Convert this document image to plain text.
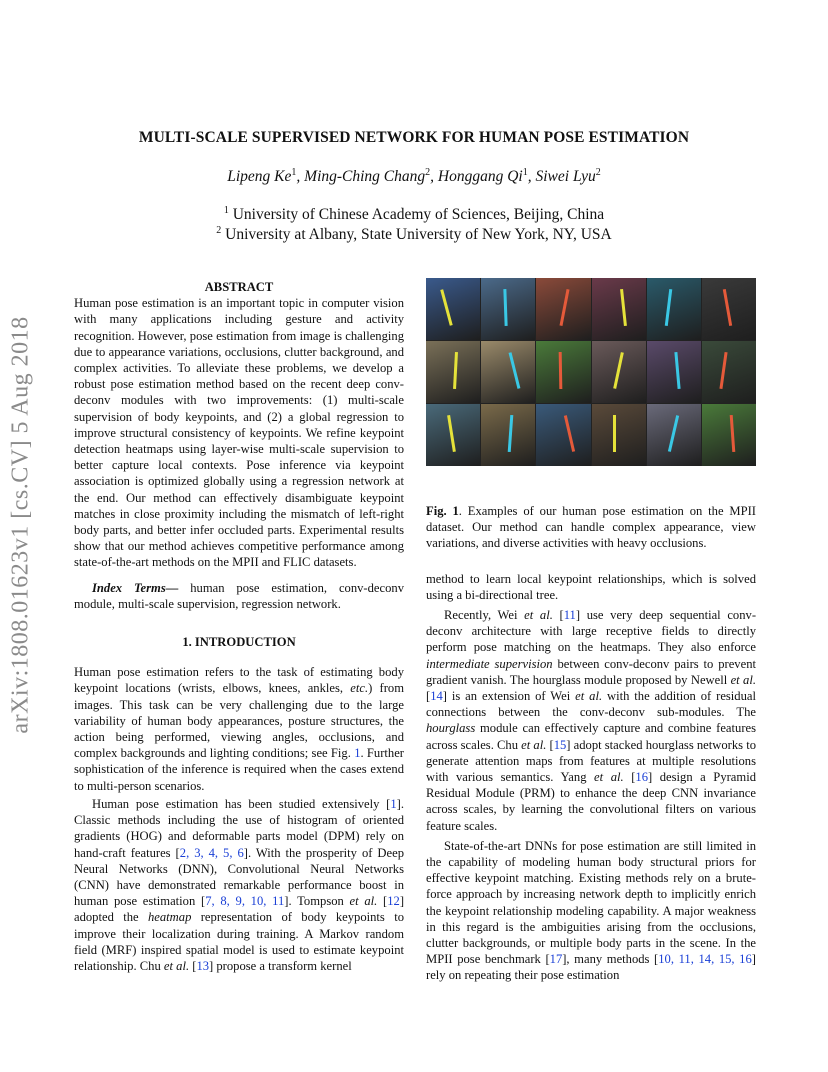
MULTI-SCALE SUPERVISED NETWORK FOR HUMAN POSE ESTIMATION
Lipeng Ke$^1$, Ming-Ching Chang$^2$, Honggang Qi$^1$, Siwei Lyu$^2$
$^1$ University of Chinese Academy of Sciences, Beijing, China
$^2$ University at Albany, State University of New York, NY, USA
arXiv:1808.01623v1 [cs.CV] 5 Aug 2018
ABSTRACT

Human pose estimation is an important topic in computer vision with many applications including gesture and activity recognition. However, pose estimation from image is challenging due to appearance variations, occlusions, clutter background, and complex activities. To alleviate these problems, we develop a robust pose estimation method based on the recent deep conv-deconv modules with two improvements: (1) multi-scale supervision of body keypoints, and (2) a global regression to improve structural consistency of keypoints. We refine keypoint detection heatmaps using layer-wise multi-scale supervision to better capture local contexts. Pose inference via keypoint association is optimized globally using a regression network at the end. Our method can effectively disambiguate keypoint matches in close proximity including the mismatch of left-right body parts, and better infer occluded parts. Experimental results show that our method achieves competitive performance among state-of-the-art methods on the MPII and FLIC datasets.

Index Terms— human pose estimation, conv-deconv module, multi-scale supervision, regression network.

1. INTRODUCTION

Human pose estimation refers to the task of estimating body keypoint locations (wrists, elbows, knees, ankles, etc.) from images. This task can be very challenging due to the large variability of human body appearances, posture structures, the action being performed, viewing angles, occlusions, and complex backgrounds and lighting conditions; see Fig. 1. Further sophistication of the inference is required when the cases extend to multi-person scenarios.

Human pose estimation has been studied extensively [1]. Classic methods including the use of histogram of oriented gradients (HOG) and deformable parts model (DPM) rely on hand-craft features [2, 3, 4, 5, 6]. With the prosperity of Deep Neural Networks (DNN), Convolutional Neural Networks (CNN) have demonstrated remarkable performance boost in human pose estimation [7, 8, 9, 10, 11]. Tompson et al. [12] adopted the heatmap representation of body keypoints to improve their localization during training. A Markov random field (MRF) inspired spatial model is used to estimate keypoint relationship. Chu et al. [13] propose a transform kernel

Fig. 1. Examples of our human pose estimation on the MPII dataset. Our method can handle complex appearance, view variations, and diverse activities with heavy occlusions.

method to learn local keypoint relationships, which is solved using a bi-directional tree.

Recently, Wei et al. [11] use very deep sequential conv-deconv architecture with large receptive fields to directly perform pose matching on the heatmaps. They also enforce intermediate supervision between conv-deconv pairs to prevent gradient vanish. The hourglass module proposed by Newell et al. [14] is an extension of Wei et al. with the addition of residual connections between the conv-deconv sub-modules. The hourglass module can effectively capture and combine features across scales. Chu et al. [15] adopt stacked hourglass networks to generate attention maps from features at multiple resolutions with various semantics. Yang et al. [16] design a Pyramid Residual Module (PRM) to enhance the deep CNN invariance across scales, by learning the convolutional filters on various feature scales.

State-of-the-art DNNs for pose estimation are still limited in the capability of modeling human body structural priors for effective keypoint matching. Existing methods rely on a brute-force approach by increasing network depth to implicitly enrich the keypoint relationship modeling capability. A major weakness in this regard is the ambiguities arising from the occlusions, clutter backgrounds, or multiple body parts in the scene. In the MPII pose benchmark [17], many methods [10, 11, 14, 15, 16] rely on repeating their pose estimation
